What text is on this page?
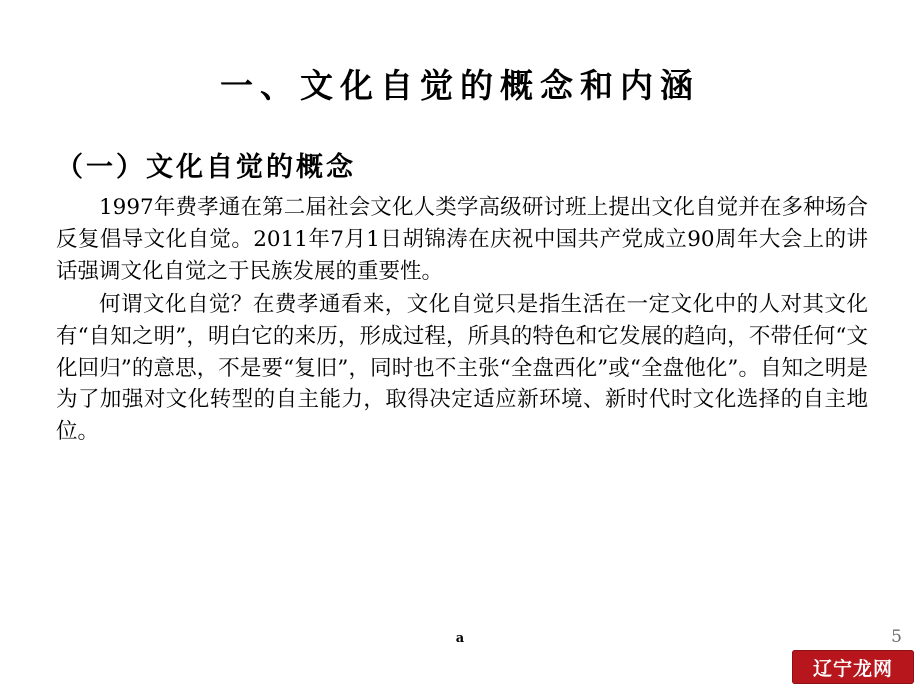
一、文化自觉的概念和内涵

（一）文化自觉的概念

1997年费孝通在第二届社会文化人类学高级研讨班上提出文化自觉并在多种场合反复倡导文化自觉。2011年7月1日胡锦涛在庆祝中国共产党成立90周年大会上的讲话强调文化自觉之于民族发展的重要性。

何谓文化自觉？在费孝通看来，文化自觉只是指生活在一定文化中的人对其文化有“自知之明”，明白它的来历，形成过程，所具的特色和它发展的趋向，不带任何“文化回归”的意思，不是要“复旧”，同时也不主张“全盘西化”或“全盘他化”。自知之明是为了加强对文化转型的自主能力，取得决定适应新环境、新时代时文化选择的自主地位。

a	5
辽宁龙网
